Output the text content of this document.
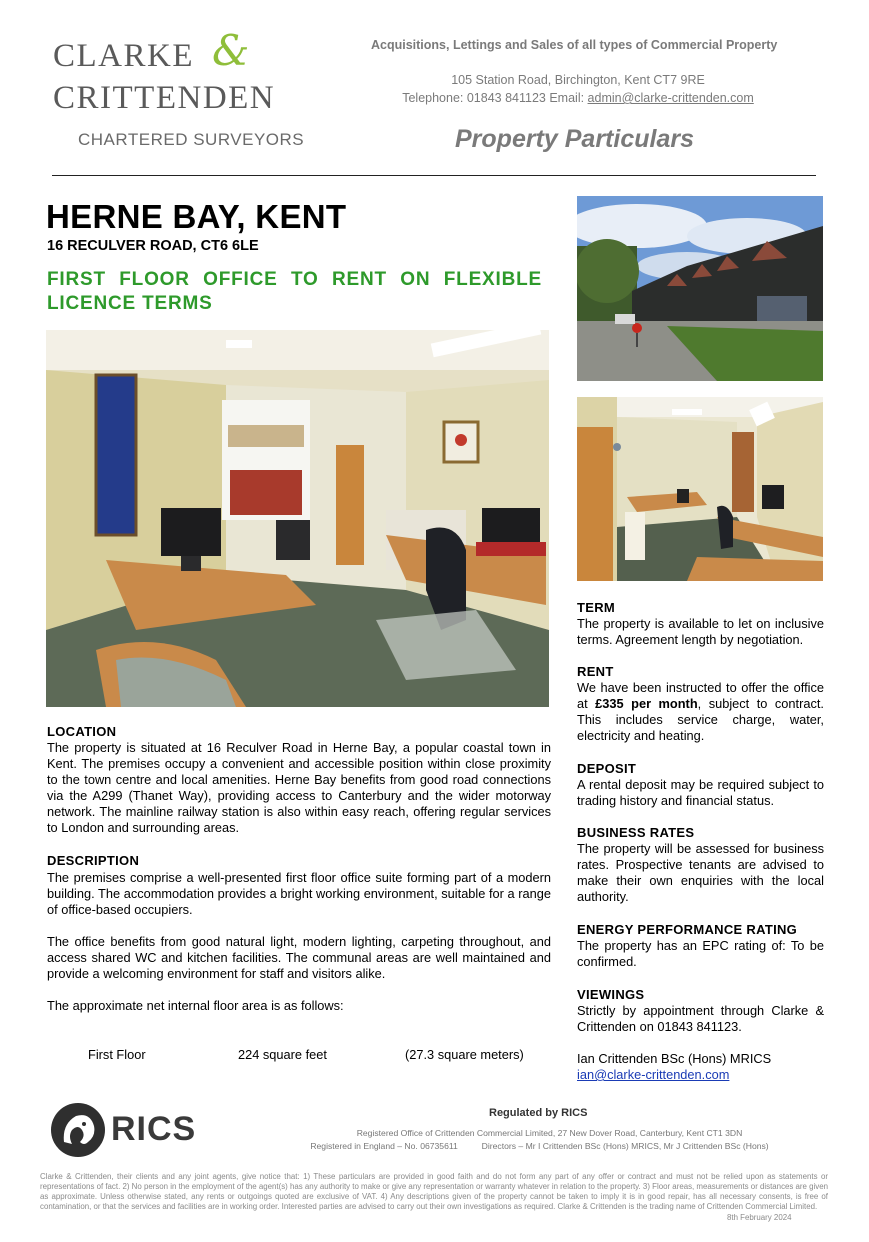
CLARKE &
CRITTENDEN
CHARTERED SURVEYORS
Acquisitions, Lettings and Sales of all types of Commercial Property
105 Station Road, Birchington, Kent CT7 9RE
Telephone: 01843 841123 Email: admin@clarke-crittenden.com
Property Particulars
HERNE BAY, KENT
16 RECULVER ROAD, CT6 6LE
FIRST FLOOR OFFICE TO RENT ON FLEXIBLE LICENCE TERMS
LOCATION
The property is situated at 16 Reculver Road in Herne Bay, a popular coastal town in Kent. The premises occupy a convenient and accessible position within close proximity to the town centre and local amenities. Herne Bay benefits from good road connections via the A299 (Thanet Way), providing access to Canterbury and the wider motorway network. The mainline railway station is also within easy reach, offering regular services to London and surrounding areas.
DESCRIPTION
The premises comprise a well-presented first floor office suite forming part of a modern building. The accommodation provides a bright working environment, suitable for a range of office-based occupiers.
The office benefits from good natural light, modern lighting, carpeting throughout, and access shared WC and kitchen facilities. The communal areas are well maintained and provide a welcoming environment for staff and visitors alike.
The approximate net internal floor area is as follows:
First Floor	224 square feet	(27.3 square meters)
TERM
The property is available to let on inclusive terms. Agreement length by negotiation.
RENT
We have been instructed to offer the office at £335 per month, subject to contract. This includes service charge, water, electricity and heating.
DEPOSIT
A rental deposit may be required subject to trading history and financial status.
BUSINESS RATES
The property will be assessed for business rates. Prospective tenants are advised to make their own enquiries with the local authority.
ENERGY PERFORMANCE RATING
The property has an EPC rating of: To be confirmed.
VIEWINGS
Strictly by appointment through Clarke & Crittenden on 01843 841123.
Ian Crittenden BSc (Hons) MRICS
ian@clarke-crittenden.com
RICS	Regulated by RICS
Registered Office of Crittenden Commercial Limited, 27 New Dover Road, Canterbury, Kent CT1 3DN
Registered in England – No. 06735611          Directors – Mr I Crittenden BSc (Hons) MRICS, Mr J Crittenden BSc (Hons)
Clarke & Crittenden, their clients and any joint agents, give notice that: 1) These particulars are provided in good faith and do not form any part of any offer or contract and must not be relied upon as statements or representations of fact. 2) No person in the employment of the agent(s) has any authority to make or give any representation or warranty whatever in relation to the property. 3) Floor areas, measurements or distances are given as approximate. Unless otherwise stated, any rents or outgoings quoted are exclusive of VAT. 4) Any descriptions given of the property cannot be taken to imply it is in good repair, has all necessary consents, is free of contamination, or that the services and facilities are in working order. Interested parties are advised to carry out their own investigations as required. Clarke & Crittenden is the trading name of Crittenden Commercial Limited.
8th February 2024
